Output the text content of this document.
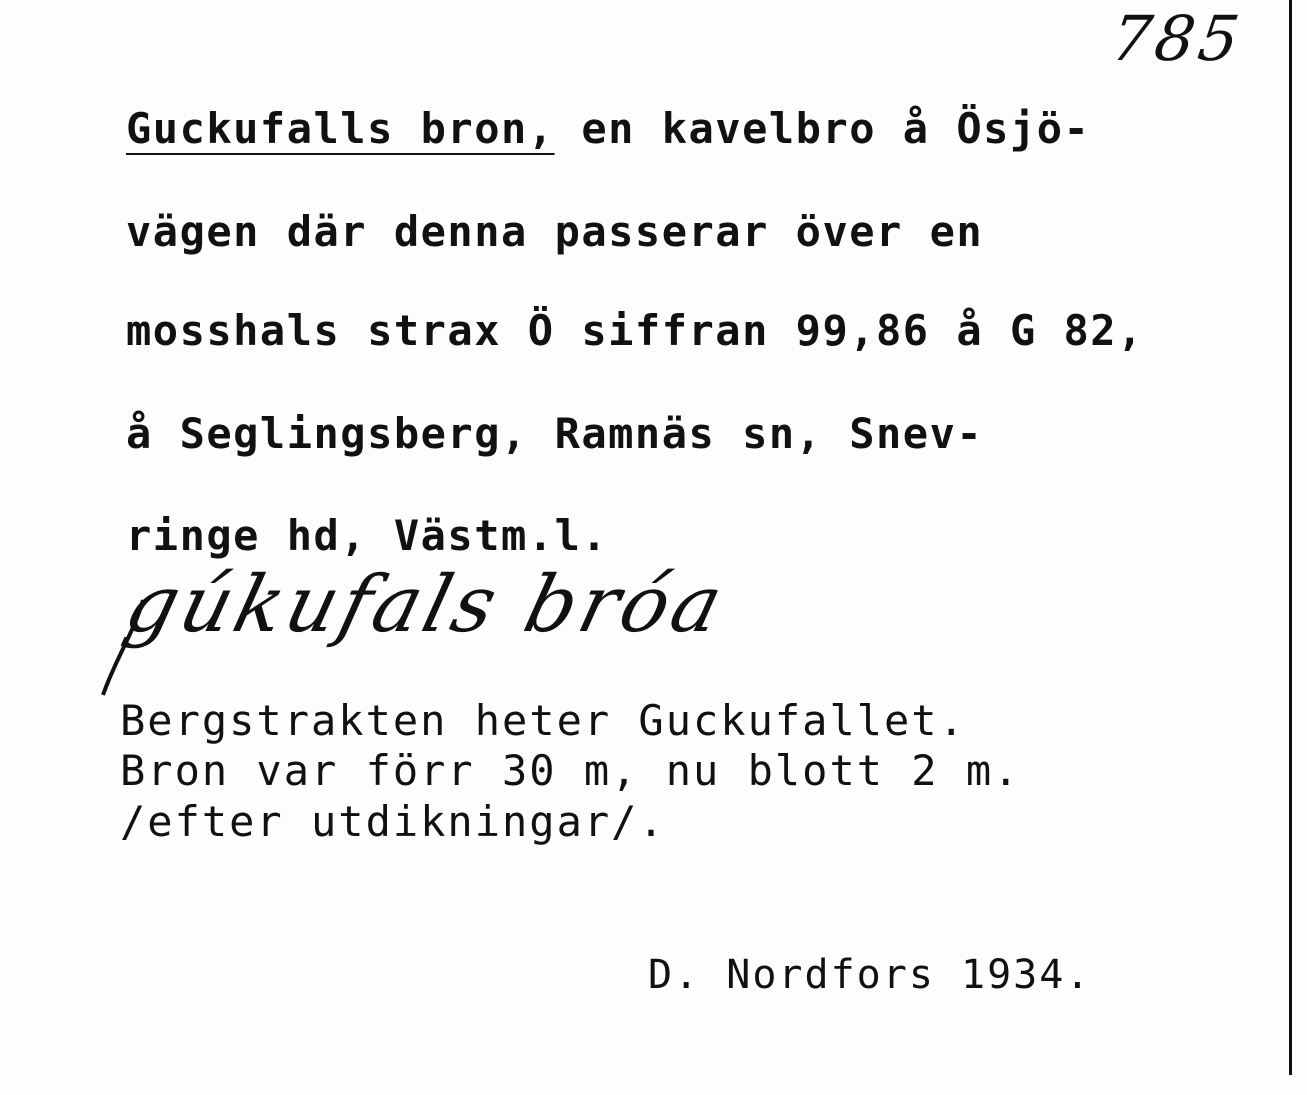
785
Guckufalls bron, en kavelbro å Ösjö-
vägen där denna passerar över en
mosshals strax Ö siffran 99,86 å G 82,
å Seglingsberg, Ramnäs sn, Snev-
ringe hd, Västm.l.
gúkufals bróa
Bergstrakten heter Guckufallet.
Bron var förr 30 m, nu blott 2 m.
/efter utdikningar/.
D. Nordfors 1934.
